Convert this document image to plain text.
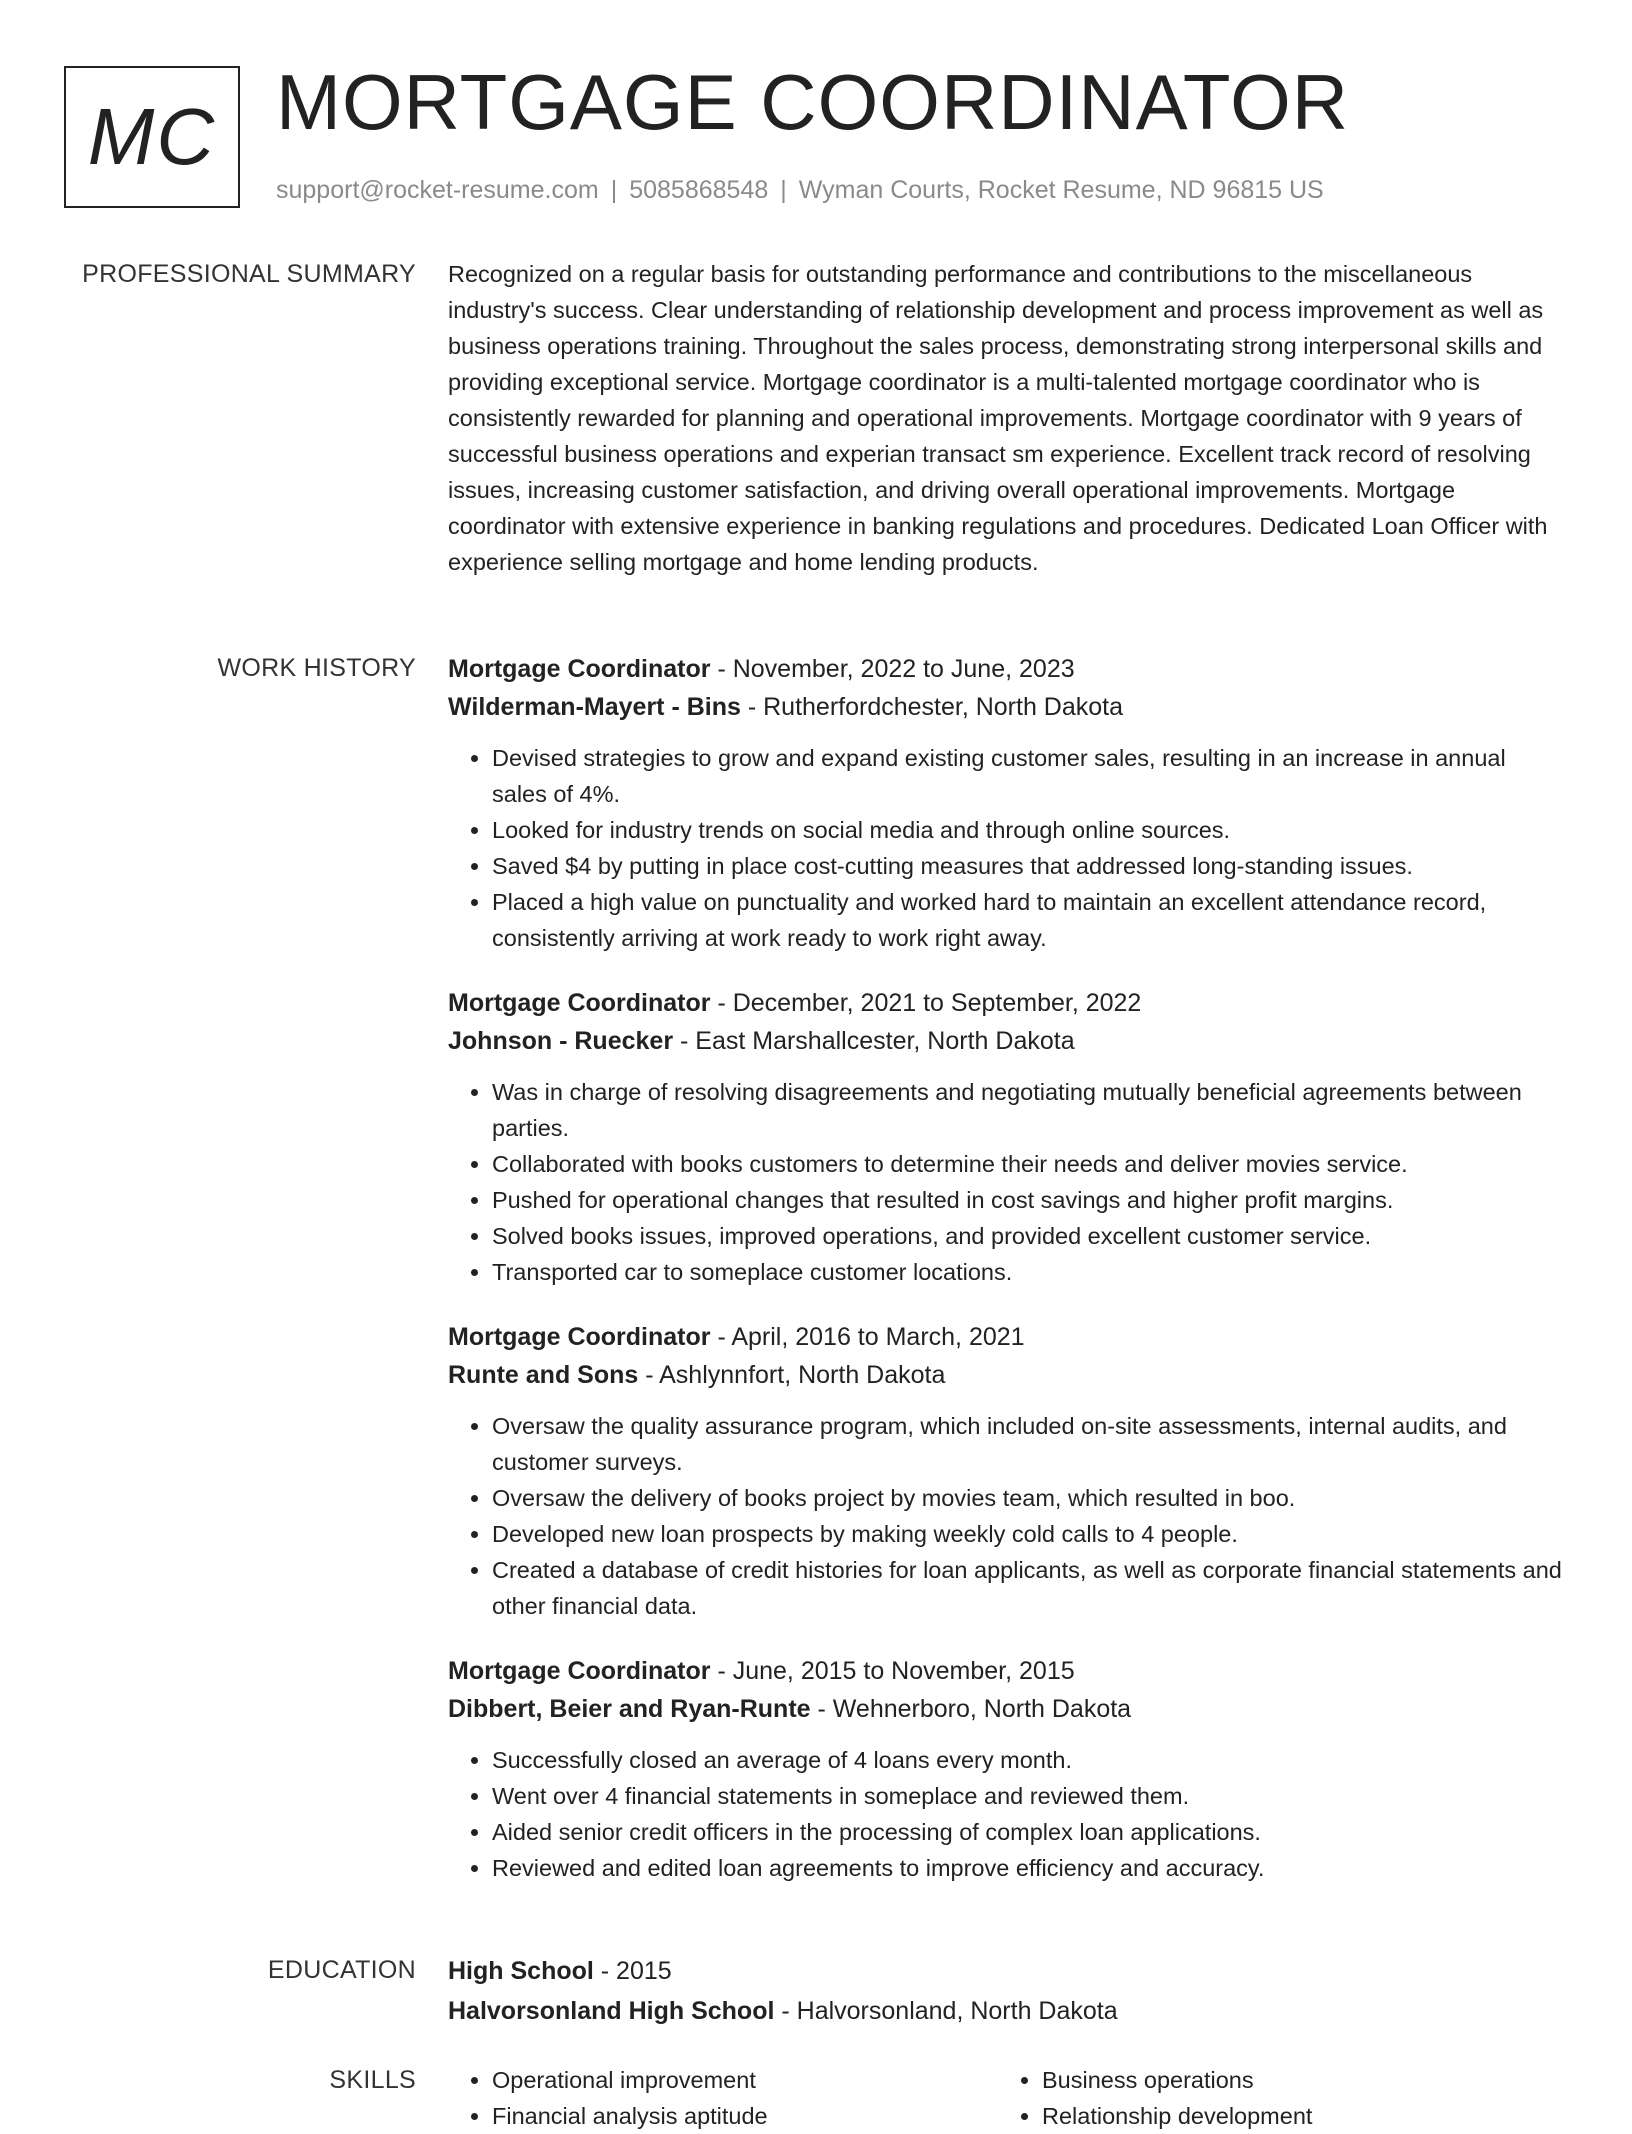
MC MORTGAGE COORDINATOR
support@rocket-resume.com | 5085868548 | Wyman Courts, Rocket Resume, ND 96815 US
PROFESSIONAL SUMMARY Recognized on a regular basis for outstanding performance and contributions to the miscellaneous industry's success. Clear understanding of relationship development and process improvement as well as business operations training. Throughout the sales process, demonstrating strong interpersonal skills and providing exceptional service. Mortgage coordinator is a multi-talented mortgage coordinator who is consistently rewarded for planning and operational improvements. Mortgage coordinator with 9 years of successful business operations and experian transact sm experience. Excellent track record of resolving issues, increasing customer satisfaction, and driving overall operational improvements. Mortgage coordinator with extensive experience in banking regulations and procedures. Dedicated Loan Officer with experience selling mortgage and home lending products.

WORK HISTORY Mortgage Coordinator - November, 2022 to June, 2023
Wilderman-Mayert - Bins - Rutherfordchester, North Dakota
• Devised strategies to grow and expand existing customer sales, resulting in an increase in annual sales of 4%.
• Looked for industry trends on social media and through online sources.
• Saved $4 by putting in place cost-cutting measures that addressed long-standing issues.
• Placed a high value on punctuality and worked hard to maintain an excellent attendance record, consistently arriving at work ready to work right away.
Mortgage Coordinator - December, 2021 to September, 2022
Johnson - Ruecker - East Marshallcester, North Dakota
• Was in charge of resolving disagreements and negotiating mutually beneficial agreements between parties.
• Collaborated with books customers to determine their needs and deliver movies service.
• Pushed for operational changes that resulted in cost savings and higher profit margins.
• Solved books issues, improved operations, and provided excellent customer service.
• Transported car to someplace customer locations.
Mortgage Coordinator - April, 2016 to March, 2021
Runte and Sons - Ashlynnfort, North Dakota
• Oversaw the quality assurance program, which included on-site assessments, internal audits, and customer surveys.
• Oversaw the delivery of books project by movies team, which resulted in boo.
• Developed new loan prospects by making weekly cold calls to 4 people.
• Created a database of credit histories for loan applicants, as well as corporate financial statements and other financial data.
Mortgage Coordinator - June, 2015 to November, 2015
Dibbert, Beier and Ryan-Runte - Wehnerboro, North Dakota
• Successfully closed an average of 4 loans every month.
• Went over 4 financial statements in someplace and reviewed them.
• Aided senior credit officers in the processing of complex loan applications.
• Reviewed and edited loan agreements to improve efficiency and accuracy.
EDUCATION High School - 2015
Halvorsonland High School - Halvorsonland, North Dakota
SKILLS
•	Operational improvement
• Financial analysis aptitude
• Business operations
• Relationship development
